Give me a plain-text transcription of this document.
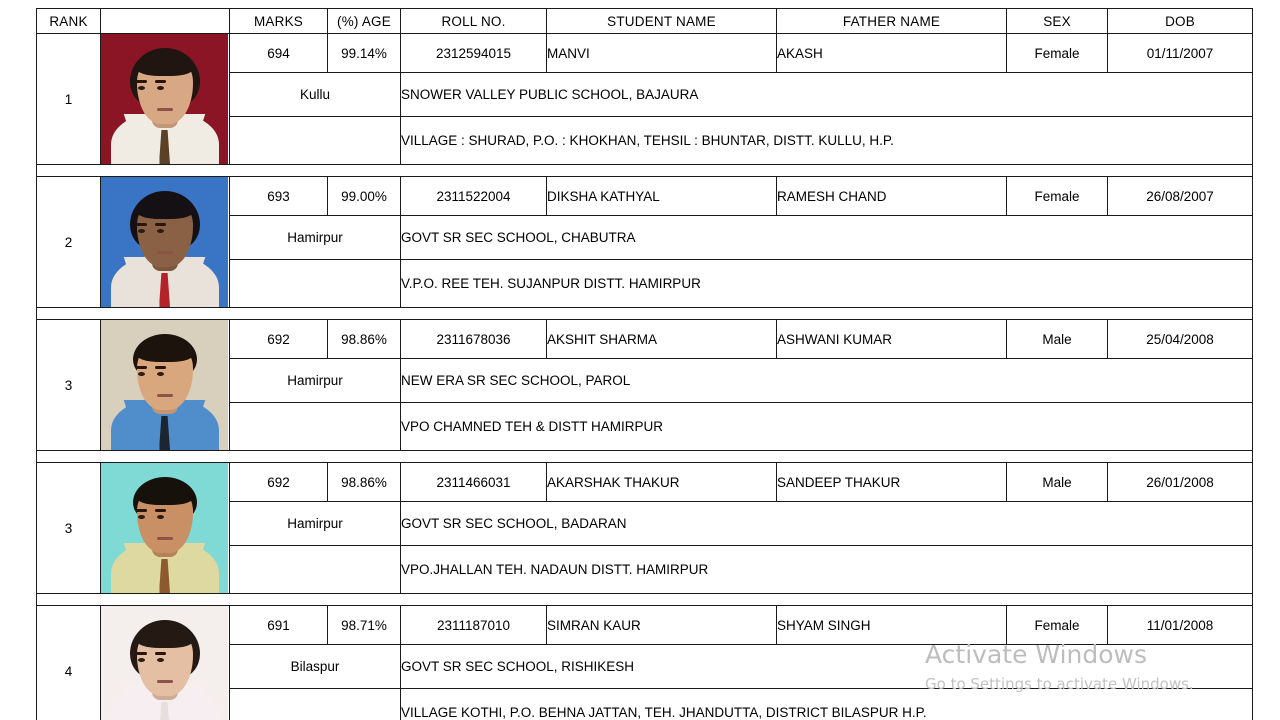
RANK		MARKS	(%) AGE	ROLL NO.	STUDENT NAME	FATHER NAME	SEX	DOB
1		694	99.14%	2312594015	MANVI	AKASH	Female	01/11/2007
		Kullu		SNOWER VALLEY PUBLIC SCHOOL, BAJAURA				
				VILLAGE : SHURAD, P.O. : KHOKHAN, TEHSIL : BHUNTAR, DISTT. KULLU, H.P.				

2		693	99.00%	2311522004	DIKSHA KATHYAL	RAMESH CHAND	Female	26/08/2007
		Hamirpur		GOVT SR SEC SCHOOL, CHABUTRA				
				V.P.O. REE TEH. SUJANPUR DISTT. HAMIRPUR				

3		692	98.86%	2311678036	AKSHIT SHARMA	ASHWANI KUMAR	Male	25/04/2008
		Hamirpur		NEW ERA SR SEC SCHOOL, PAROL				
				VPO CHAMNED TEH & DISTT HAMIRPUR				

3		692	98.86%	2311466031	AKARSHAK THAKUR	SANDEEP THAKUR	Male	26/01/2008
		Hamirpur		GOVT SR SEC SCHOOL, BADARAN				
				VPO.JHALLAN TEH. NADAUN DISTT. HAMIRPUR				

4		691	98.71%	2311187010	SIMRAN KAUR	SHYAM SINGH	Female	11/01/2008
		Bilaspur		GOVT SR SEC SCHOOL, RISHIKESH				
				VILLAGE KOTHI, P.O. BEHNA JATTAN, TEH. JHANDUTTA, DISTRICT BILASPUR H.P.				
Activate Windows
Go to Settings to activate Windows.
